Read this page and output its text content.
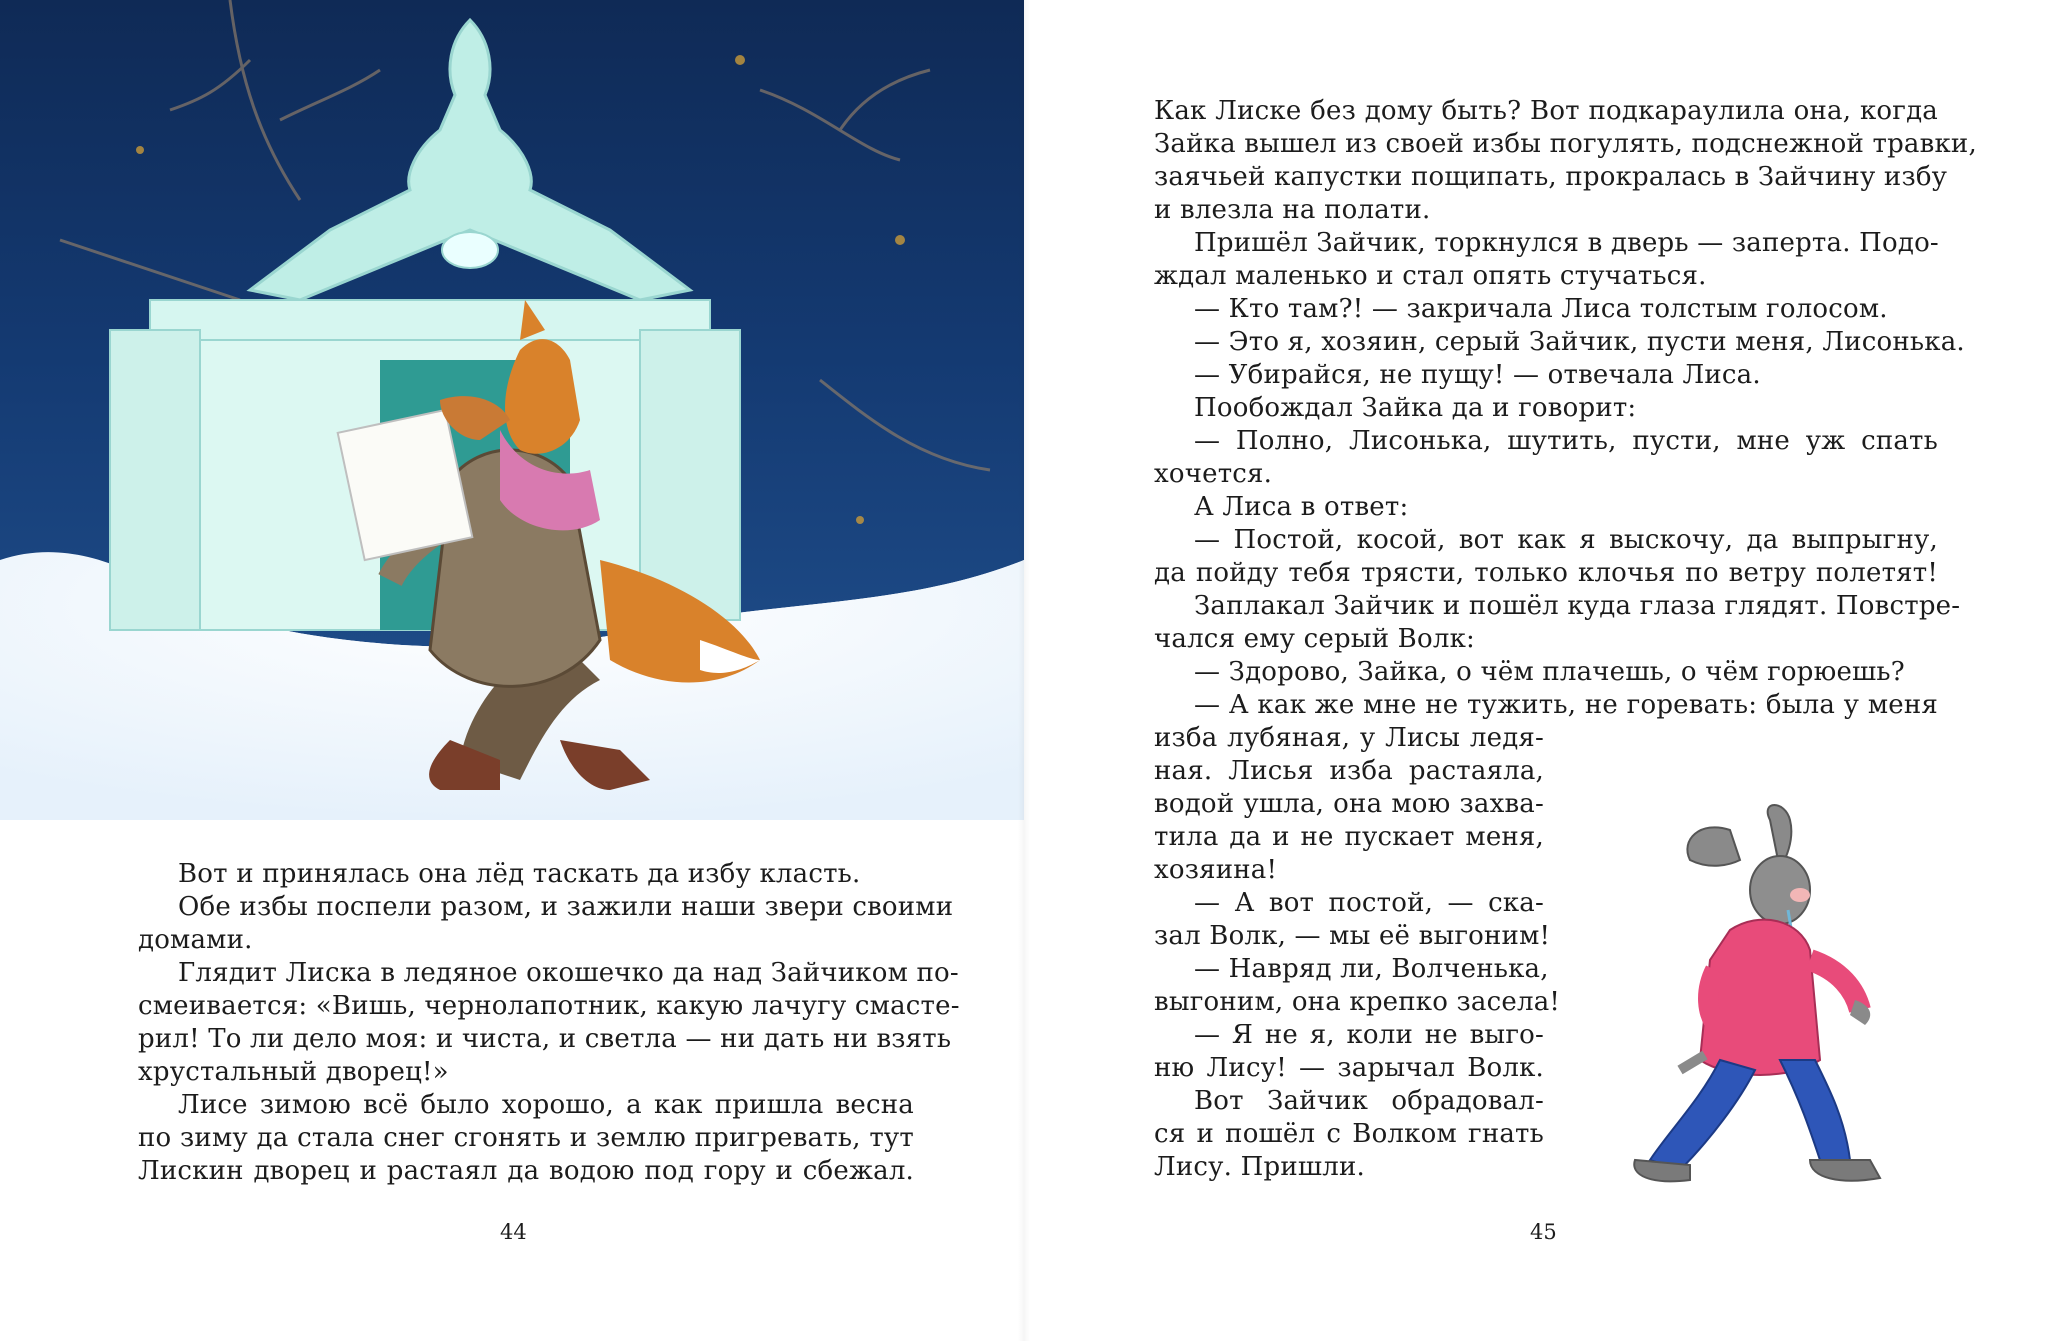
Вот и принялась она лёд таскать да избу класть.
Обе избы поспели разом, и зажили наши звери своими
домами.
Глядит Лиска в ледяное окошечко да над Зайчиком по-
смеивается: «Вишь, чернолапотник, какую лачугу смасте-
рил! То ли дело моя: и чиста, и светла — ни дать ни взять
хрустальный дворец!»
Лисе зимою всё было хорошо, а как пришла весна
по зиму да стала снег сгонять и землю пригревать, тут
Лискин дворец и растаял да водою под гору и сбежал.
44
Как Лиске без дому быть? Вот подкараулила она, когда
Зайка вышел из своей избы погулять, подснежной травки,
заячьей капустки пощипать, прокралась в Зайчину избу
и влезла на полати.
Пришёл Зайчик, торкнулся в дверь — заперта. Подо-
ждал маленько и стал опять стучаться.
— Кто там?! — закричала Лиса толстым голосом.
— Это я, хозяин, серый Зайчик, пусти меня, Лисонька.
— Убирайся, не пущу! — отвечала Лиса.
Пообождал Зайка да и говорит:
— Полно, Лисонька, шутить, пусти, мне уж спать
хочется.
А Лиса в ответ:
— Постой, косой, вот как я выскочу, да выпрыгну,
да пойду тебя трясти, только клочья по ветру полетят!
Заплакал Зайчик и пошёл куда глаза глядят. Повстре-
чался ему серый Волк:
— Здорово, Зайка, о чём плачешь, о чём горюешь?
— А как же мне не тужить, не горевать: была у меня
изба лубяная, у Лисы ледя-
ная. Лисья изба растаяла,
водой ушла, она мою захва-
тила да и не пускает меня,
хозяина!
— А вот постой, — ска-
зал Волк, — мы её выгоним!
— Навряд ли, Волченька,
выгоним, она крепко засела!
— Я не я, коли не выго-
ню Лису! — зарычал Волк.
Вот Зайчик обрадовал-
ся и пошёл с Волком гнать
Лису. Пришли.
45
